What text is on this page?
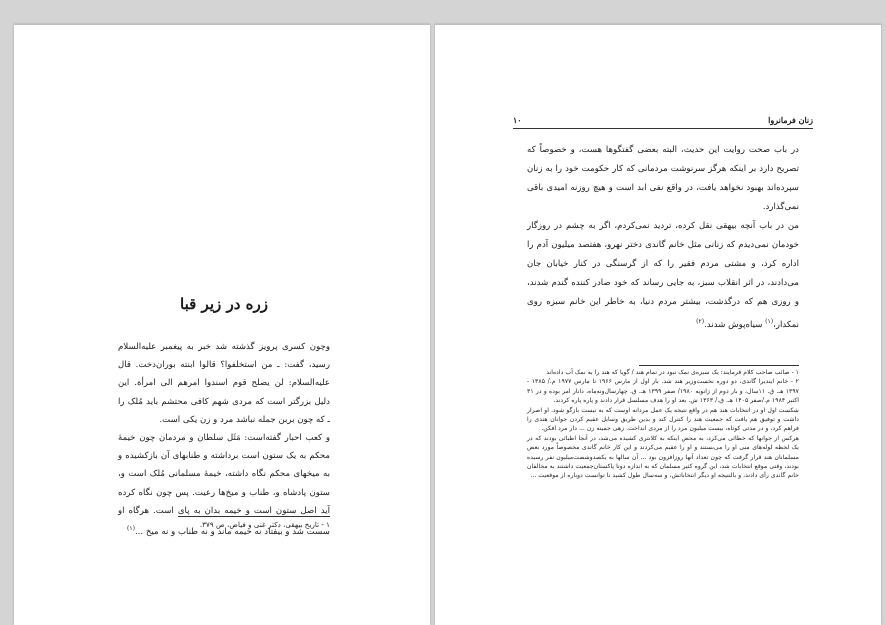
زره در زیر قبا

وچون کسری پرویز گذشته شد خبر به پیغمبر علیه‌السلام رسید، گفت: ـ من استخلفوا؟ قالوا ابنته بوران‌دخت. قال علیه‌السلام: لن یصلح قوم اسندوا امرهم الی امرأة. این دلیل بزرگتر است که مردی شهم کافی محتشم باید مُلک را ـ که چون بربن جمله نباشد مرد و زن یکی است.

و کعب احبار گفته‌است: مَثَل سلطان و مردمان چون خیمهٔ محکم به یک ستون است برداشته و طنابهای آن بازکشیده و به میخهای محکم نگاه داشته، خیمهٔ مسلمانی مُلک است و، ستون پادشاه و، طناب و میخ‌ها رعیت. پس چون نگاه کرده آید اصل ستون است و خیمه بدان به پای است. هرگاه او سست شد و بیفتاد نه خیمه ماند و نه طناب و نه میخ ...$^{(۱)}$	۱ - تاریخ بیهقی، دکتر غنی و فیاض، ص ۳۷۹.
زنان فرمانروا
۱۰

در باب صحت روایت این حدیث، البته بعضی گفتگوها هست، و خصوصاً که تصریح دارد بر اینکه هرگز سرنوشت مردمانی که کار حکومت خود را به زنان سپرده‌اند بهبود نخواهد یافت، در واقع نفی ابد است و هیچ روزنه امیدی باقی نمی‌گذارد.

من در باب آنچه بیهقی نقل کرده، تردید نمی‌کردم، اگر به چشم در روزگار خودمان نمی‌دیدم که زنانی مثل خانم گاندی دختر نهرو، هفتصد میلیون آدم را اداره کرد، و مشتی مردم فقیر را که از گرسنگی در کنار خیابان جان می‌دادند، در اثر انقلاب سبز، به جایی رساند که خود صادر کننده گندم شدند، و روزی هم که درگذشت، بیشتر مردم دنیا، به خاطر این خانم سبزه‌ روی نمکدار،$^{(۱)}$ سیاه‌پوش شدند.$^{(۲)}$

۱ - صائب صاحب کلام فرمایند: یک سبزه‌ی نمک نبود در تمام هند / گویا که هند را به نمک آب داده‌اند

۲ - خانم ایندیرا گاندی، دو دوره نخست‌وزیر هند شد. بار اول از مارس ۱۹۶۶ تا مارس ۱۹۷۷ م./ ۱۳۸۵ - ۱۳۹۷ هـ. ق. ۱۱سال، و بار دوم از ژانویه ۱۹۸۰/ صفر ۱۳۹۹ هـ. ق. چهارسال‌ونه‌ماه، دانار امر بوده و در ۳۱ اکتبر ۱۹۸۴ م./صفر ۱۴۰۵ هـ. ق./ ۱۳۶۳ ش. بعد او را هدف مسلسل قرار دادند و پاره پاره کردند.

شکست اول او در انتخابات هند هم در واقع نتیجه یک عمل مردانه اوست که به نیست بازگو شود. او اصرار داشت و توفیق هم یافت که جمعیت هند را کنترل کند و بدین طریق وسایل عقیم کردن جوانان هندی را فراهم کرد، و در مدتی کوتاه، بیست میلیون مرد را از مردی انداخت. زهی جمینه زن ... دار مرد افکن.

هرکس از جوانها که خطائی می‌کرد، به محض اینکه به کلانتری کشیده می‌شد، در آنجا اطبائی بودند که در یک لحظه لوله‌های منی او را می‌بستند و او را عقیم می‌کردند و این کار خانم گاندی مخصوصاً مورد بغض مسلمانان هند قرار گرفت که چون تعداد آنها روزافزون بود ... آن سالها به یکصدوشصت‌میلیون نفر رسیده بودند، وقتی موقع انتخابات شد، این گروه کثیر مسلمان که به اندازه دوتا پاکستان‌جمعیت داشتند به مخالفان خانم گاندی رأی دادند، و بالنتیجه او دیگر انتخاباتش، و سه‌سال طول کشید تا توانست دوباره از موقعیت ...
